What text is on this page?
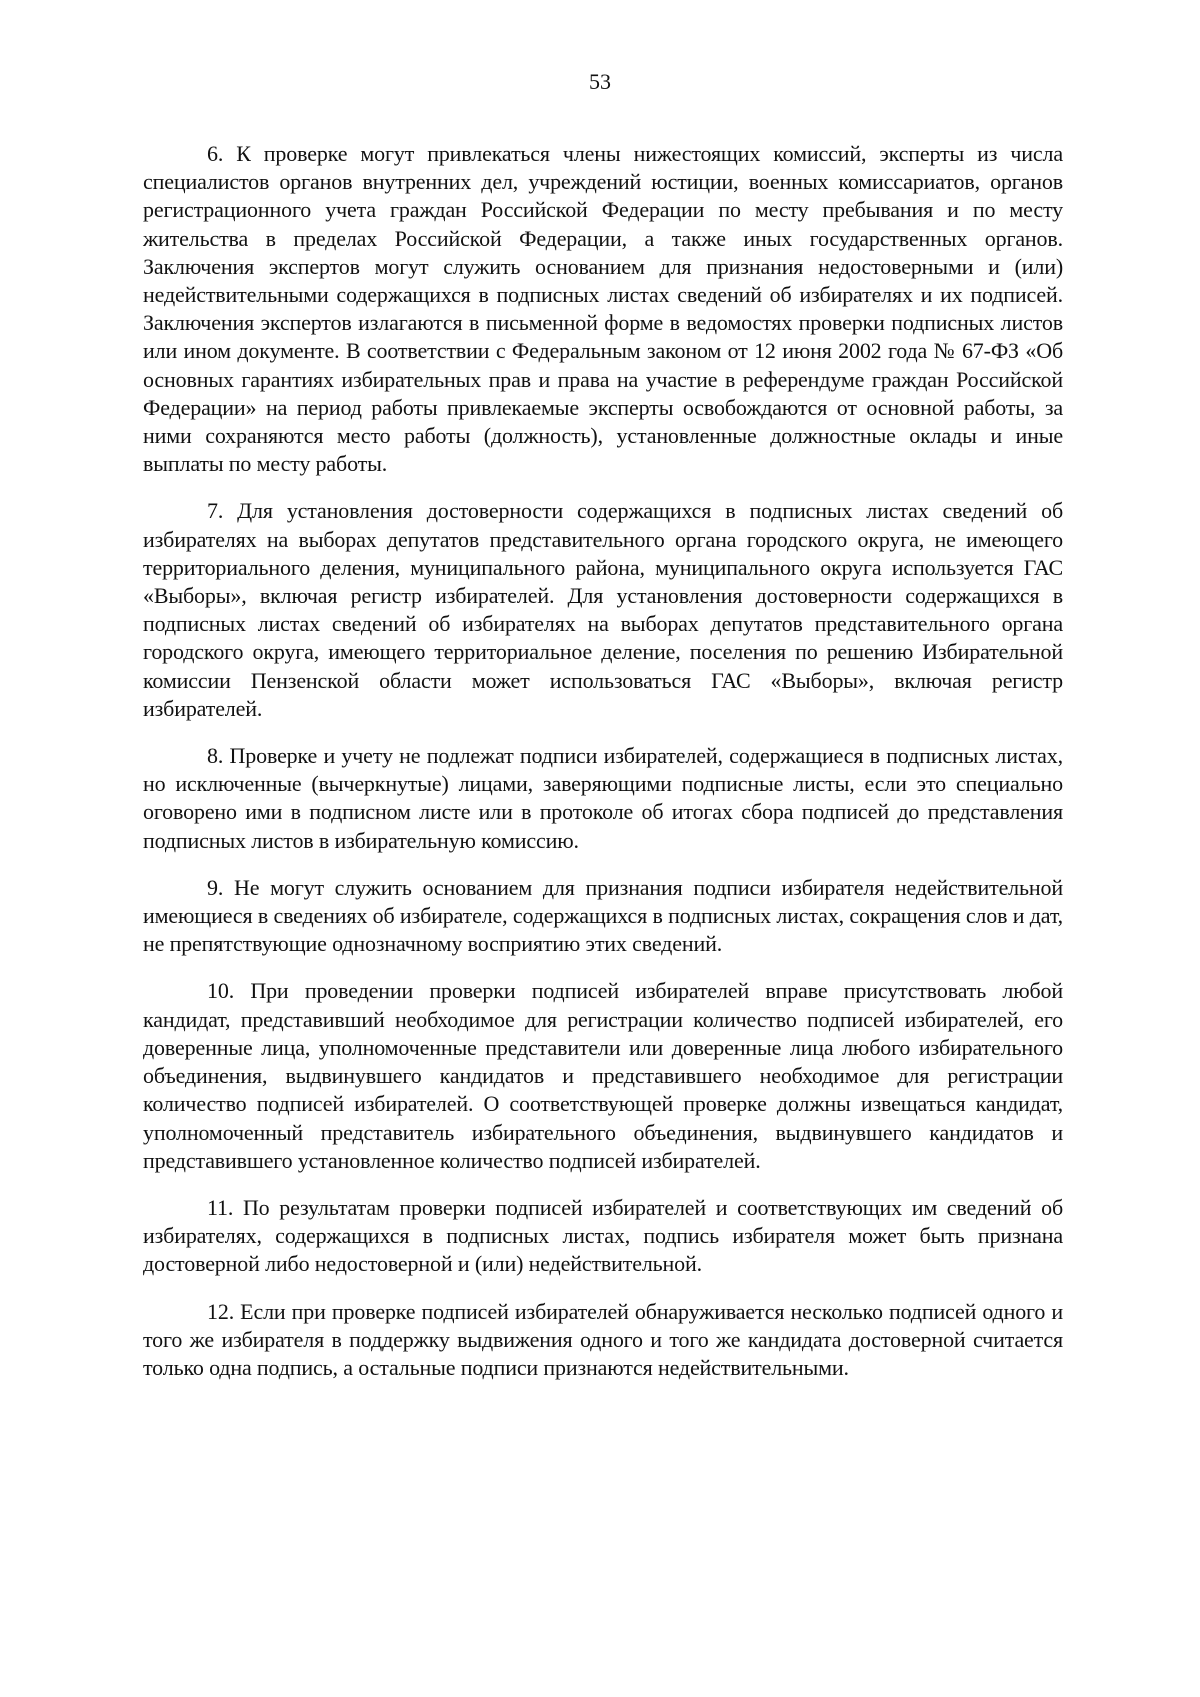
53

6. К проверке могут привлекаться члены нижестоящих комиссий, эксперты из числа специалистов органов внутренних дел, учреждений юстиции, военных комиссариатов, органов регистрационного учета граждан Российской Федерации по месту пребывания и по месту жительства в пределах Российской Федерации, а также иных государственных органов. Заключения экспертов могут служить основанием для признания недостоверными и (или) недействительными содержащихся в подписных листах сведений об избирателях и их подписей. Заключения экспертов излагаются в письменной форме в ведомостях проверки подписных листов или ином документе. В соответствии с Федеральным законом от 12 июня 2002 года № 67-ФЗ «Об основных гарантиях избирательных прав и права на участие в референдуме граждан Российской Федерации» на период работы привлекаемые эксперты освобождаются от основной работы, за ними сохраняются место работы (должность), установленные должностные оклады и иные выплаты по месту работы.

7. Для установления достоверности содержащихся в подписных листах сведений об избирателях на выборах депутатов представительного органа городского округа, не имеющего территориального деления, муниципального района, муниципального округа используется ГАС «Выборы», включая регистр избирателей. Для установления достоверности содержащихся в подписных листах сведений об избирателях на выборах депутатов представительного органа городского округа, имеющего территориальное деление, поселения по решению Избирательной комиссии Пензенской области может использоваться ГАС «Выборы», включая регистр избирателей.

8. Проверке и учету не подлежат подписи избирателей, содержащиеся в подписных листах, но исключенные (вычеркнутые) лицами, заверяющими подписные листы, если это специально оговорено ими в подписном листе или в протоколе об итогах сбора подписей до представления подписных листов в избирательную комиссию.

9. Не могут служить основанием для признания подписи избирателя недействительной имеющиеся в сведениях об избирателе, содержащихся в подписных листах, сокращения слов и дат, не препятствующие однозначному восприятию этих сведений.

10. При проведении проверки подписей избирателей вправе присутствовать любой кандидат, представивший необходимое для регистрации количество подписей избирателей, его доверенные лица, уполномоченные представители или доверенные лица любого избирательного объединения, выдвинувшего кандидатов и представившего необходимое для регистрации количество подписей избирателей. О соответствующей проверке должны извещаться кандидат, уполномоченный представитель избирательного объединения, выдвинувшего кандидатов и представившего установленное количество подписей избирателей.

11. По результатам проверки подписей избирателей и соответствующих им сведений об избирателях, содержащихся в подписных листах, подпись избирателя может быть признана достоверной либо недостоверной и (или) недействительной.

12. Если при проверке подписей избирателей обнаруживается несколько подписей одного и того же избирателя в поддержку выдвижения одного и того же кандидата достоверной считается только одна подпись, а остальные подписи признаются недействительными.
